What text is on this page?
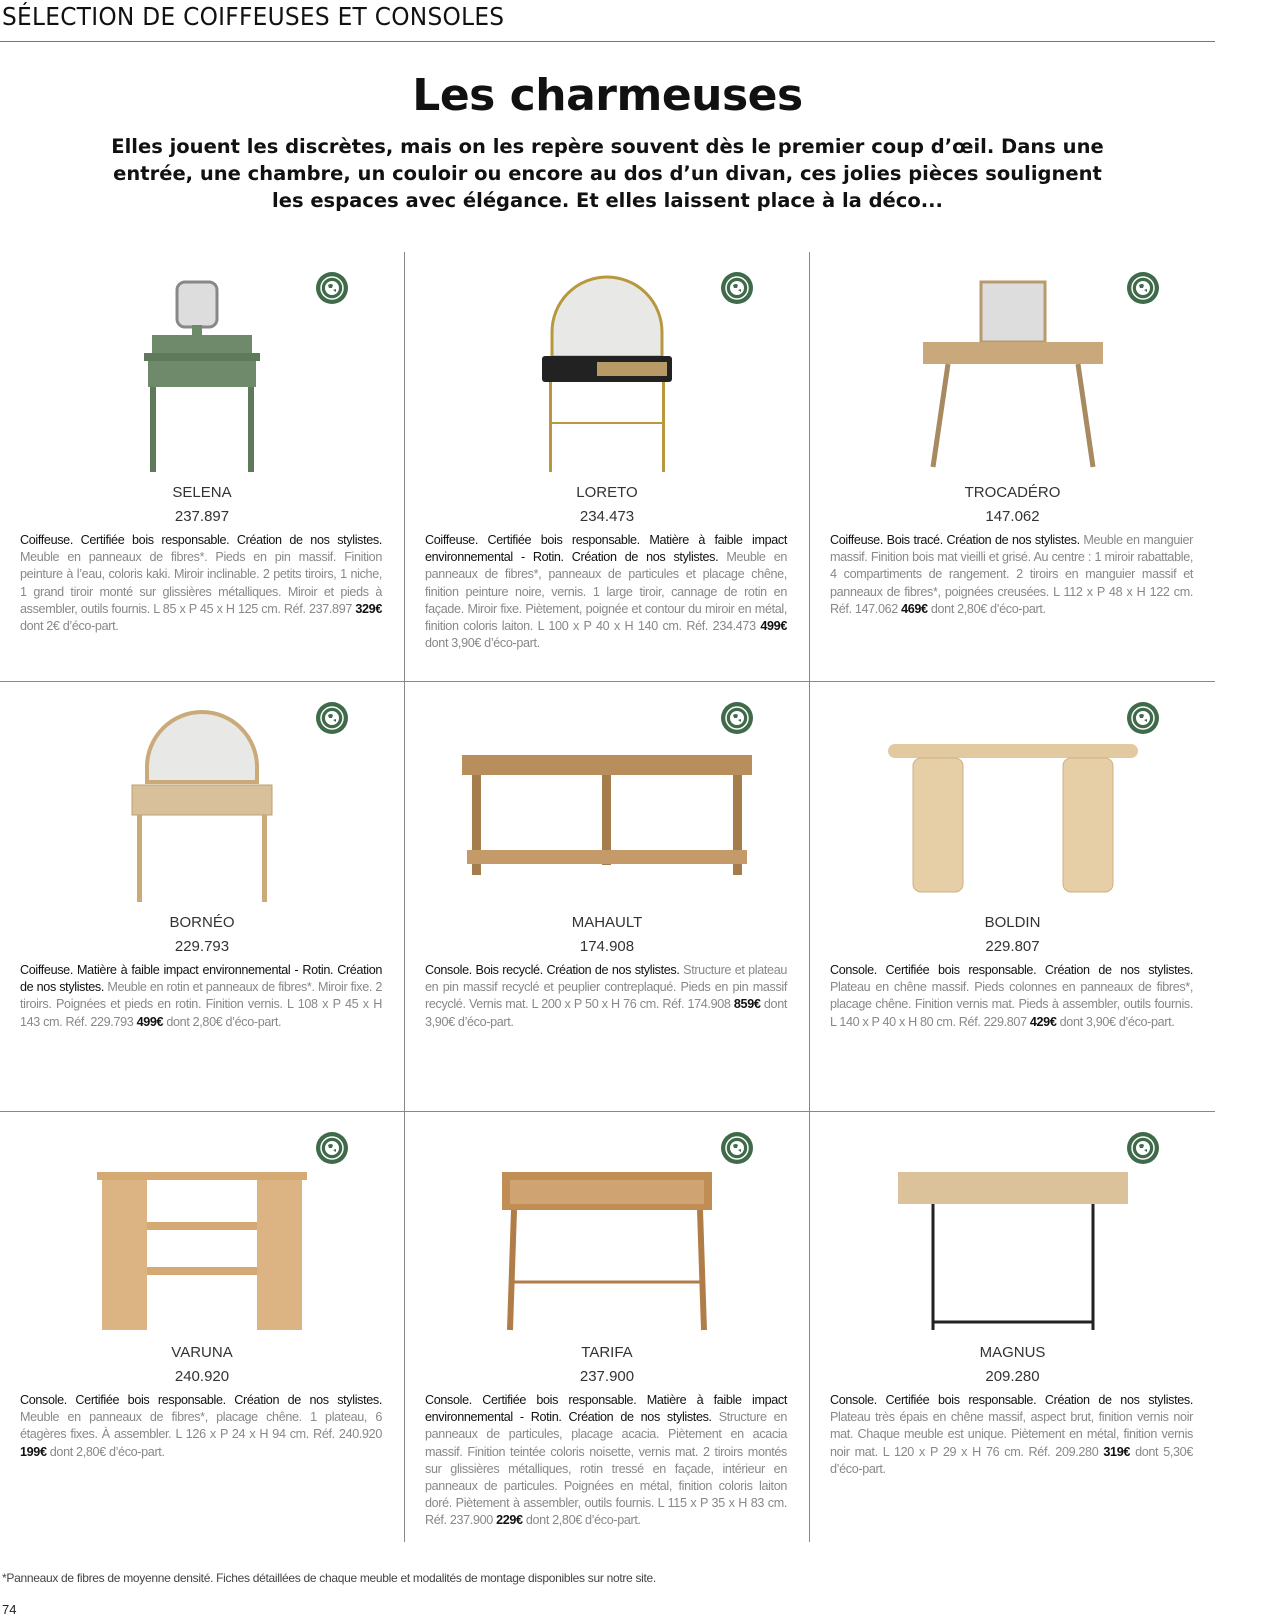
SÉLECTION DE COIFFEUSES ET CONSOLES
Les charmeuses

Elles jouent les discrètes, mais on les repère souvent dès le premier coup d’œil. Dans une entrée, une chambre, un couloir ou encore au dos d’un divan, ces jolies pièces soulignent les espaces avec élégance. Et elles laissent place à la déco...

SELENA
237.897

Coiffeuse. Certifiée bois responsable. Création de nos stylistes. Meuble en panneaux de fibres*. Pieds en pin massif. Finition peinture à l’eau, coloris kaki. Miroir inclinable. 2 petits tiroirs, 1 niche, 1 grand tiroir monté sur glissières métalliques. Miroir et pieds à assembler, outils fournis. L 85 x P 45 x H 125 cm. Réf. 237.897 329€ dont 2€ d’éco-part.

LORETO
234.473

Coiffeuse. Certifiée bois responsable. Matière à faible impact environnemental - Rotin. Création de nos stylistes. Meuble en panneaux de fibres*, panneaux de particules et placage chêne, finition peinture noire, vernis. 1 large tiroir, cannage de rotin en façade. Miroir fixe. Piètement, poignée et contour du miroir en métal, finition coloris laiton. L 100 x P 40 x H 140 cm. Réf. 234.473 499€ dont 3,90€ d’éco-part.

TROCADÉRO
147.062

Coiffeuse. Bois tracé. Création de nos stylistes. Meuble en manguier massif. Finition bois mat vieilli et grisé. Au centre : 1 miroir rabattable, 4 compartiments de rangement. 2 tiroirs en manguier massif et panneaux de fibres*, poignées creusées. L 112 x P 48 x H 122 cm. Réf. 147.062 469€ dont 2,80€ d’éco-part.

BORNÉO
229.793

Coiffeuse. Matière à faible impact environnemental - Rotin. Création de nos stylistes. Meuble en rotin et panneaux de fibres*. Miroir fixe. 2 tiroirs. Poignées et pieds en rotin. Finition vernis. L 108 x P 45 x H 143 cm. Réf. 229.793 499€ dont 2,80€ d’éco-part.

MAHAULT
174.908

Console. Bois recyclé. Création de nos stylistes. Structure et plateau en pin massif recyclé et peuplier contreplaqué. Pieds en pin massif recyclé. Vernis mat. L 200 x P 50 x H 76 cm. Réf. 174.908 859€ dont 3,90€ d’éco-part.

BOLDIN
229.807

Console. Certifiée bois responsable. Création de nos stylistes. Plateau en chêne massif. Pieds colonnes en panneaux de fibres*, placage chêne. Finition vernis mat. Pieds à assembler, outils fournis. L 140 x P 40 x H 80 cm. Réf. 229.807 429€ dont 3,90€ d’éco-part.

VARUNA
240.920

Console. Certifiée bois responsable. Création de nos stylistes. Meuble en panneaux de fibres*, placage chêne. 1 plateau, 6 étagères fixes. À assembler. L 126 x P 24 x H 94 cm. Réf. 240.920 199€ dont 2,80€ d’éco-part.

TARIFA
237.900

Console. Certifiée bois responsable. Matière à faible impact environnemental - Rotin. Création de nos stylistes. Structure en panneaux de particules, placage acacia. Piètement en acacia massif. Finition teintée coloris noisette, vernis mat. 2 tiroirs montés sur glissières métalliques, rotin tressé en façade, intérieur en panneaux de particules. Poignées en métal, finition coloris laiton doré. Piètement à assembler, outils fournis. L 115 x P 35 x H 83 cm. Réf. 237.900 229€ dont 2,80€ d’éco-part.

MAGNUS
209.280

Console. Certifiée bois responsable. Création de nos stylistes. Plateau très épais en chêne massif, aspect brut, finition vernis noir mat. Chaque meuble est unique. Piètement en métal, finition vernis noir mat. L 120 x P 29 x H 76 cm. Réf. 209.280 319€ dont 5,30€ d’éco-part.

*Panneaux de fibres de moyenne densité. Fiches détaillées de chaque meuble et modalités de montage disponibles sur notre site.
74
